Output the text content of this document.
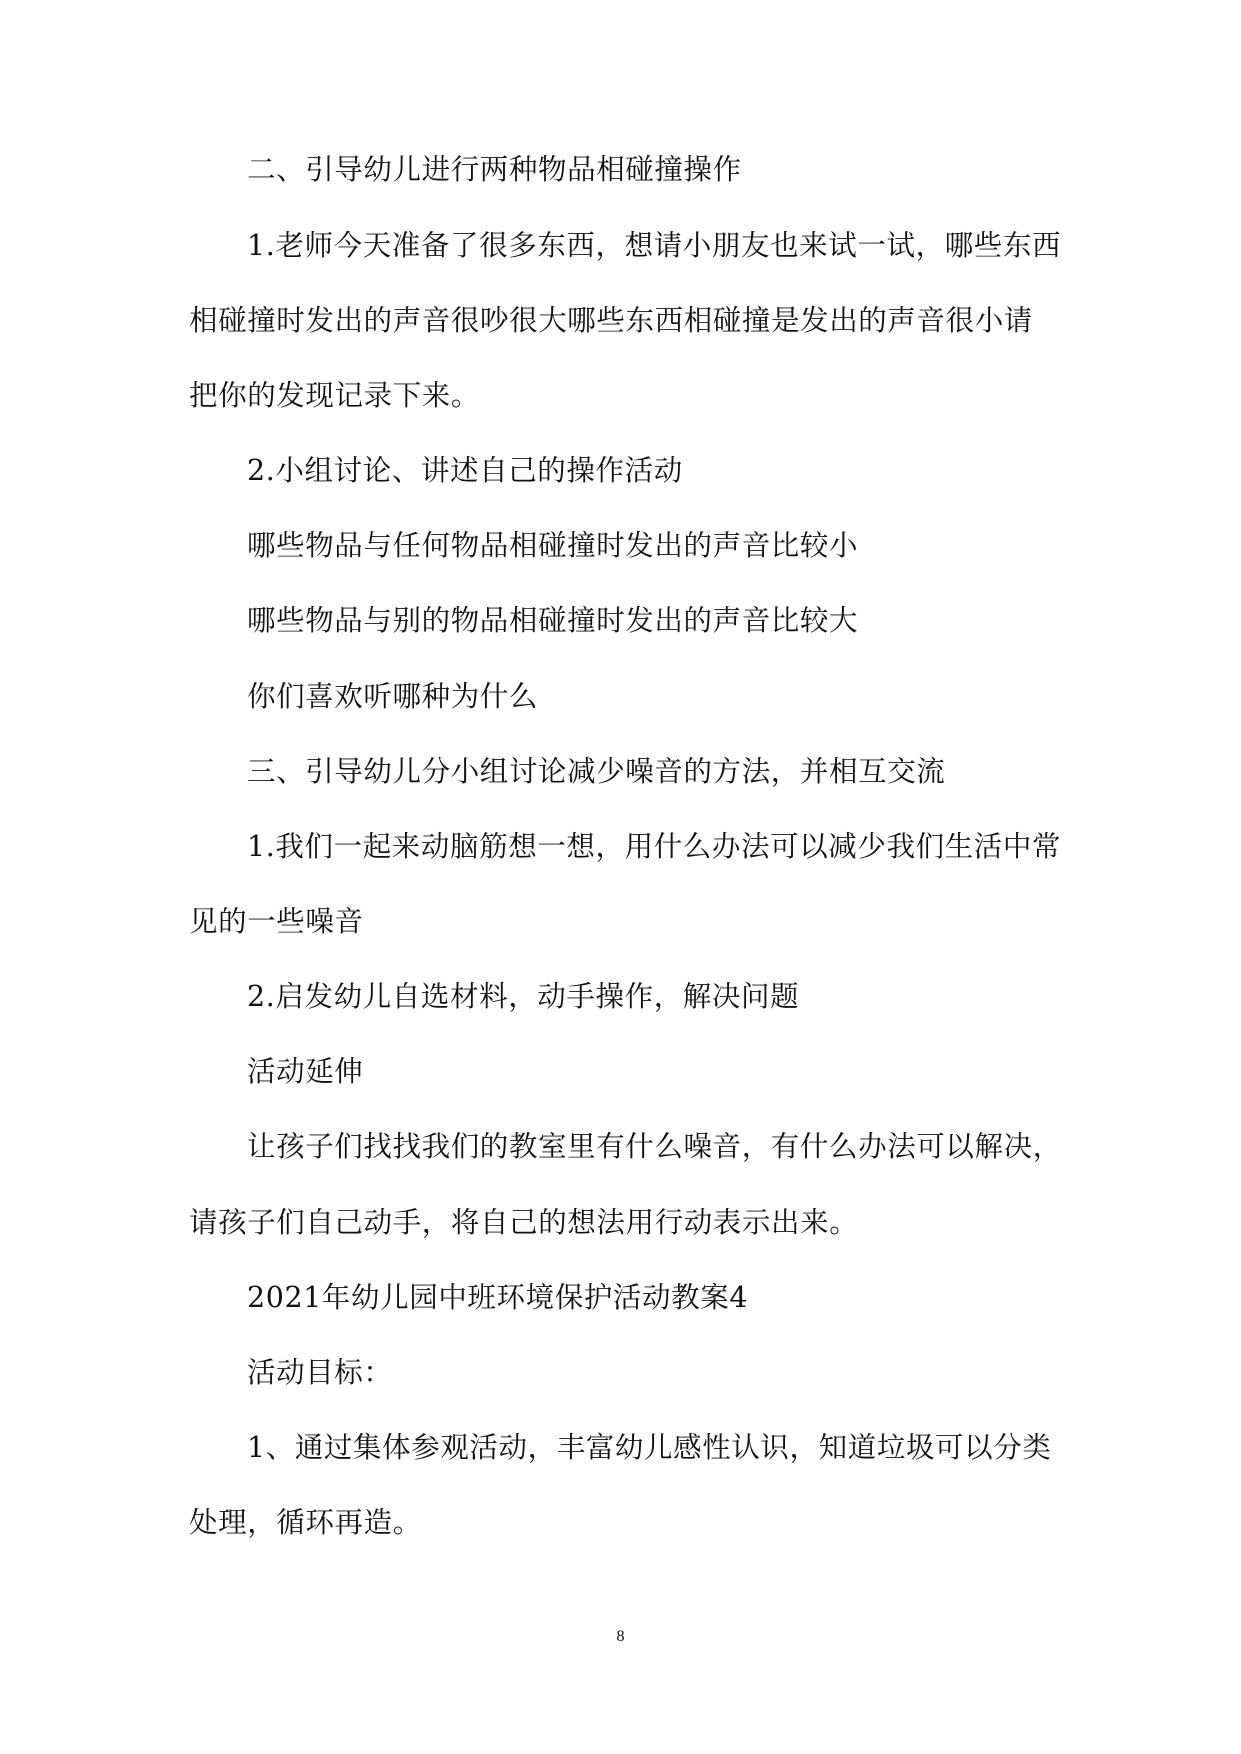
二、引导幼儿进行两种物品相碰撞操作
1.老师今天准备了很多东西，想请小朋友也来试一试，哪些东西
相碰撞时发出的声音很吵很大哪些东西相碰撞是发出的声音很小请
把你的发现记录下来。
2.小组讨论、讲述自己的操作活动
哪些物品与任何物品相碰撞时发出的声音比较小
哪些物品与别的物品相碰撞时发出的声音比较大
你们喜欢听哪种为什么
三、引导幼儿分小组讨论减少噪音的方法，并相互交流
1.我们一起来动脑筋想一想，用什么办法可以减少我们生活中常
见的一些噪音
2.启发幼儿自选材料，动手操作，解决问题
活动延伸
让孩子们找找我们的教室里有什么噪音，有什么办法可以解决，
请孩子们自己动手，将自己的想法用行动表示出来。
2021年幼儿园中班环境保护活动教案4
活动目标：
1、通过集体参观活动，丰富幼儿感性认识，知道垃圾可以分类
处理，循环再造。
8
